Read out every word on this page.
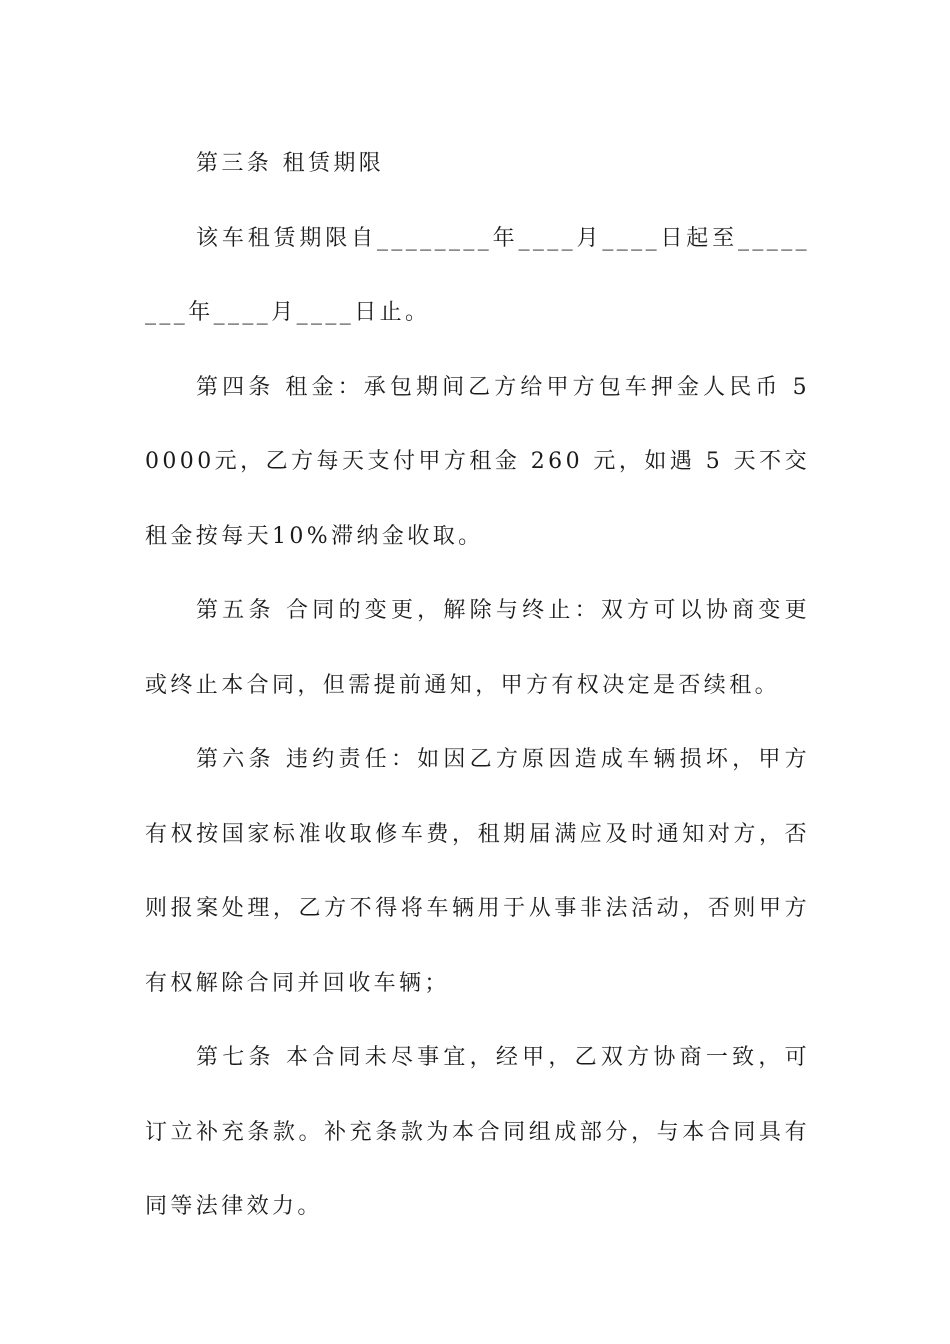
第三条 租赁期限

该车租赁期限自________年____月____日起至________年____月____日止。

第四条 租金：承包期间乙方给甲方包车押金人民币 50000元，乙方每天支付甲方租金 260 元，如遇 5 天不交租金按每天10%滞纳金收取。

第五条 合同的变更，解除与终止：双方可以协商变更或终止本合同，但需提前通知，甲方有权决定是否续租。

第六条 违约责任：如因乙方原因造成车辆损坏，甲方有权按国家标准收取修车费，租期届满应及时通知对方，否则报案处理，乙方不得将车辆用于从事非法活动，否则甲方有权解除合同并回收车辆；

第七条 本合同未尽事宜，经甲，乙双方协商一致，可订立补充条款。补充条款为本合同组成部分，与本合同具有同等法律效力。
